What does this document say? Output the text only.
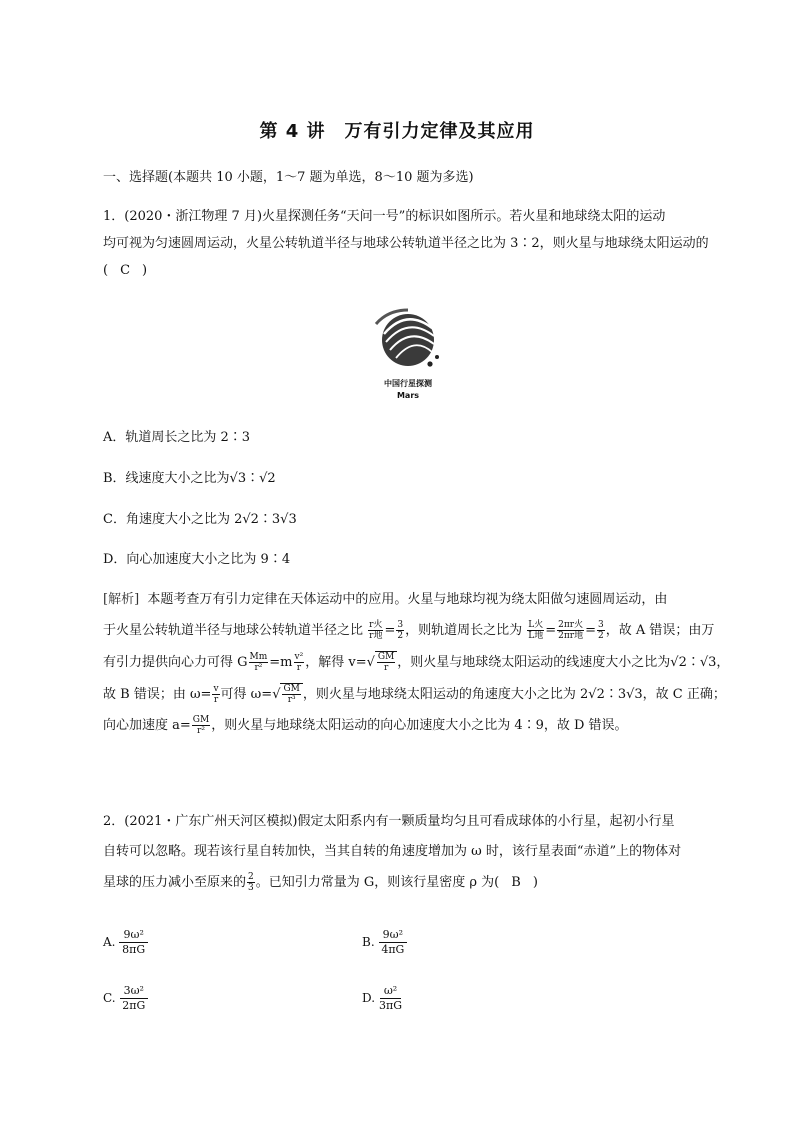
第 4 讲　万有引力定律及其应用
一、选择题(本题共 10 小题，1～7 题为单选，8～10 题为多选)
1．(2020・浙江物理 7 月)火星探测任务“天问一号”的标识如图所示。若火星和地球绕太阳的运动
均可视为匀速圆周运动，火星公转轨道半径与地球公转轨道半径之比为 3∶2，则火星与地球绕太阳运动的
( C )
中国行星探测
Mars
A．轨道周长之比为 2∶3
B．线速度大小之比为√3∶√2
C．角速度大小之比为 2√2∶3√3
D．向心加速度大小之比为 9∶4
[解析] 本题考查万有引力定律在天体运动中的应用。火星与地球均视为绕太阳做匀速圆周运动，由
于火星公转轨道半径与地球公转轨道半径之比 $\frac{\text{r火}}{\text{r地}} = \frac{3}{2}$ ，则轨道周长之比为 $\frac{\text{L火}}{\text{L地}} = \frac{\text{2πr火}}{\text{2πr地}} = \frac{3}{2}$ ，故 A 错误；由万
有引力提供向心力可得 G $\frac{Mm}{\text{r²}} =m \frac{\text{v²}}{r}$ ，解得 $v=√ \frac{GM}{r}$ ，则火星与地球绕太阳运动的线速度大小之比为√2∶√3，
故 B 错误；由 $\omega= \frac{v}{r}$ 可得 $\omega=√ \frac{GM}{\text{r³}}$ ，则火星与地球绕太阳运动的角速度大小之比为 2√2∶3√3，故 C 正确；
向心加速度 $a= \frac{GM}{\text{r²}}$ ，则火星与地球绕太阳运动的向心加速度大小之比为 4∶9，故 D 错误。
2．(2021・广东广州天河区模拟)假定太阳系内有一颗质量均匀且可看成球体的小行星，起初小行星
自转可以忽略。现若该行星自转加快，当其自转的角速度增加为 ω 时，该行星表面“赤道”上的物体对
星球的压力减小至原来的 $\frac{2}{3}$ 。已知引力常量为 G，则该行星密度 ρ 为( B )
A. $\frac{\text{9ω²}}{8\pi G}$	B. $\frac{\text{9ω²}}{4\pi G}$
C. $\frac{\text{3ω²}}{2\pi G}$	D. $\frac{\text{ω²}}{3\pi G}$
